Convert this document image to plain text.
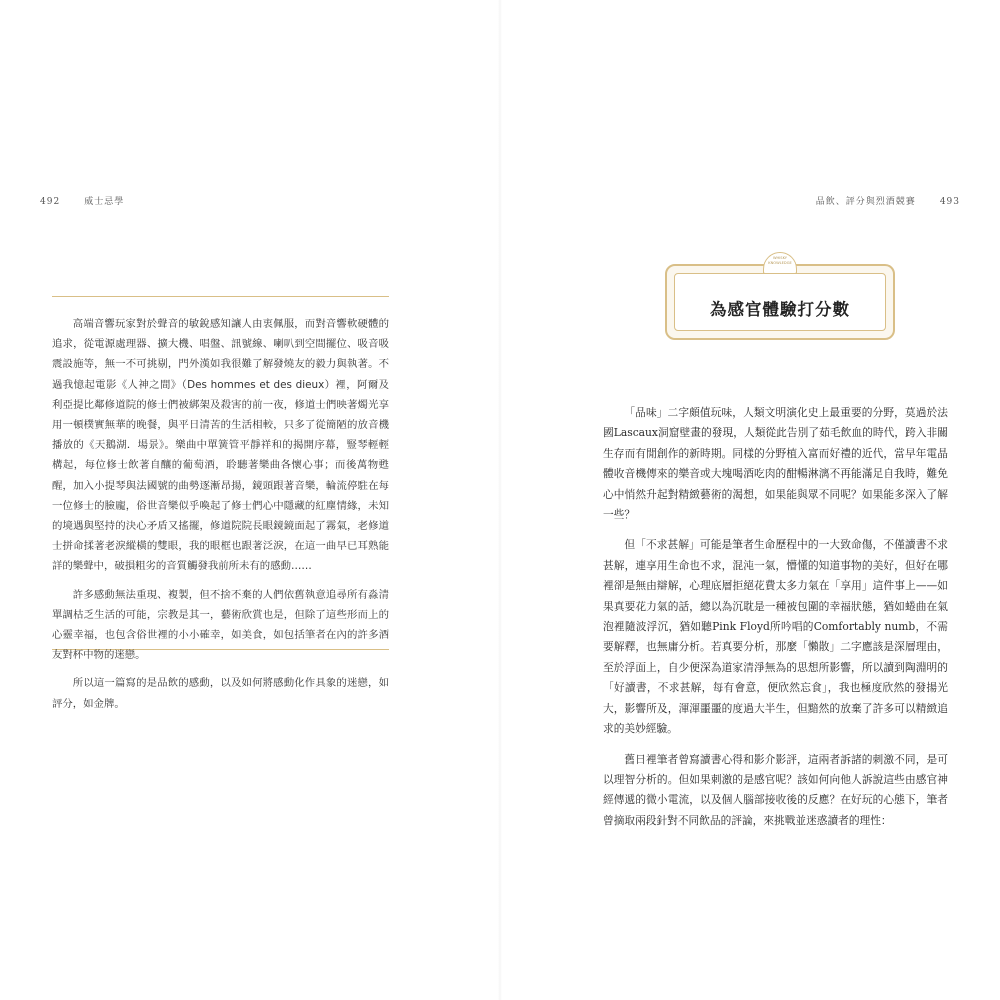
492	威士忌學

高端音響玩家對於聲音的敏銳感知讓人由衷佩服，而對音響軟硬體的追求，從電源處理器、擴大機、唱盤、訊號線、喇叭到空間擺位、吸音吸震設施等，無一不可挑剔，門外漢如我很難了解發燒友的毅力與執著。不過我憶起電影《人神之間》（Des hommes et des dieux）裡，阿爾及利亞提比鄰修道院的修士們被綁架及殺害的前一夜，修道士們映著燭光享用一頓樸實無華的晚餐，與平日清苦的生活相較，只多了從簡陋的放音機播放的《天鵝湖．場景》。樂曲中單簧管平靜祥和的揭開序幕，豎琴輕輕構起，每位修士飲著自釀的葡萄酒，聆聽著樂曲各懷心事；而後萬物甦醒，加入小提琴與法國號的曲勢逐漸昂揚，鏡頭跟著音樂，輪流停駐在每一位修士的臉龐，俗世音樂似乎喚起了修士們心中隱藏的紅塵情緣，未知的境遇與堅持的決心矛盾又搖擺，修道院院長眼鏡鏡面起了霧氣，老修道士拼命揉著老淚縱橫的雙眼，我的眼框也跟著泛淚，在這一曲早已耳熟能詳的樂聲中，破損粗劣的音質觸發我前所未有的感動……

許多感動無法重現、複製，但不捨不棄的人們依舊執意追尋所有淼清單調枯乏生活的可能，宗教是其一，藝術欣賞也是，但除了這些形而上的心靈幸福，也包含俗世裡的小小確幸，如美食，如包括筆者在內的許多酒友對杯中物的迷戀。

所以這一篇寫的是品飲的感動，以及如何將感動化作具象的迷戀，如評分，如金牌。

品飲、評分與烈酒競賽	493
為感官體驗打分數
WHISKY
KNOWLEDGE

「品味」二字頗值玩味，人類文明演化史上最重要的分野，莫過於法國Lascaux洞窟壁畫的發現，人類從此告別了茹毛飲血的時代，跨入非關生存而有閒創作的新時期。同樣的分野植入富而好禮的近代，當早年電晶體收音機傳來的樂音或大塊喝酒吃肉的酣暢淋漓不再能滿足自我時，難免心中悄然升起對精緻藝術的渴想，如果能與眾不同呢？如果能多深入了解一些？

但「不求甚解」可能是筆者生命歷程中的一大致命傷，不僅讀書不求甚解，連享用生命也不求，混沌一氣，懵懂的知道事物的美好，但好在哪裡卻是無由辯解，心理底層拒絕花費太多力氣在「享用」這件事上——如果真要花力氣的話，總以為沉耽是一種被包圍的幸福狀態，猶如蜷曲在氣泡裡隨波浮沉，猶如聽Pink Floyd所吟唱的Comfortably numb，不需要解釋，也無庸分析。若真要分析，那麼「懶散」二字應該是深層理由，至於浮面上，自少便深為道家清淨無為的思想所影響，所以讀到陶淵明的「好讀書，不求甚解，每有會意，便欣然忘食」，我也極度欣然的發揚光大，影響所及，渾渾噩噩的度過大半生，但黯然的放棄了許多可以精緻追求的美妙經驗。

舊日裡筆者曾寫讀書心得和影介影評，這兩者訴諸的刺激不同，是可以理智分析的。但如果刺激的是感官呢？該如何向他人訴說這些由感官神經傳遞的微小電流，以及個人腦部接收後的反應？在好玩的心態下，筆者曾摘取兩段針對不同飲品的評論，來挑戰並迷惑讀者的理性：
